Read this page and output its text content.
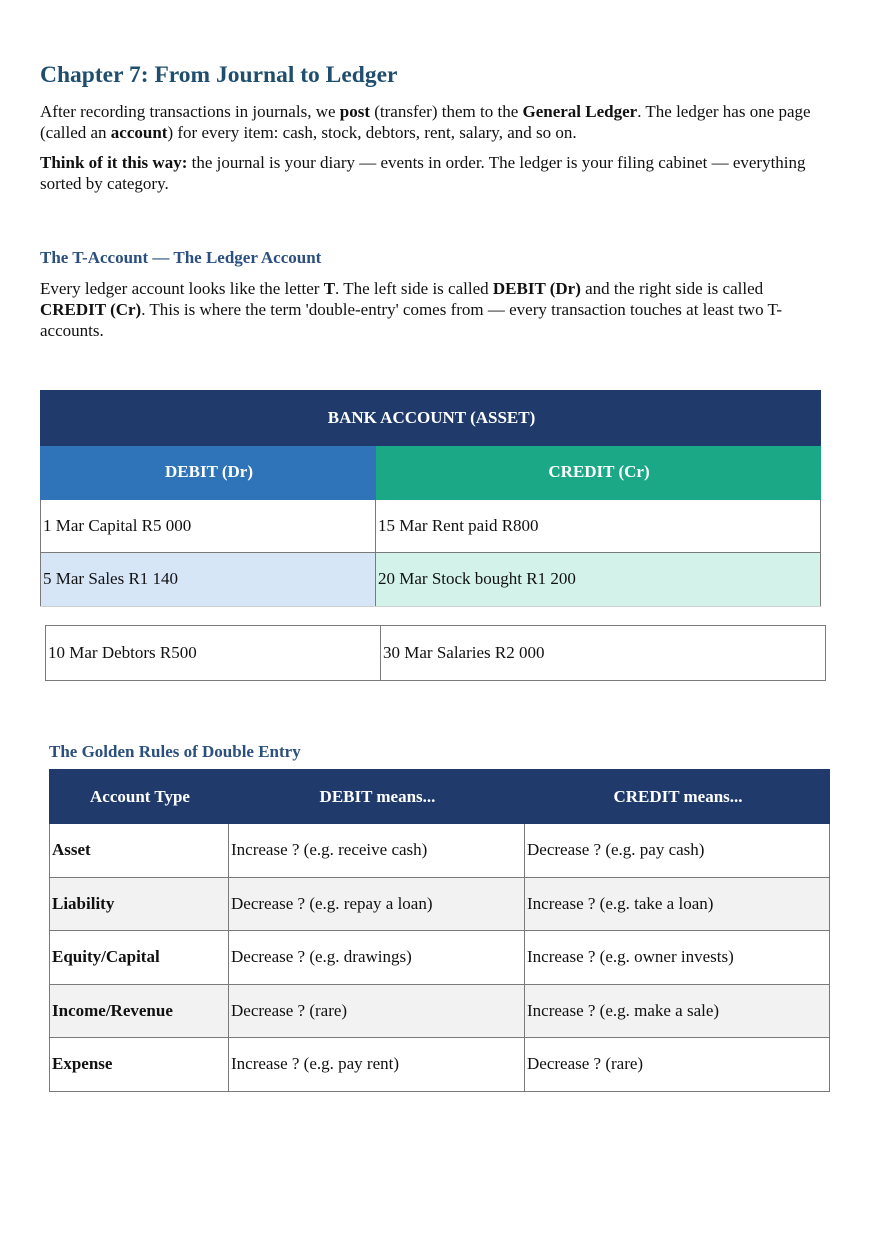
Chapter 7: From Journal to Ledger

After recording transactions in journals, we post (transfer) them to the General Ledger. The ledger has one page (called an account) for every item: cash, stock, debtors, rent, salary, and so on.

Think of it this way: the journal is your diary — events in order. The ledger is your filing cabinet — everything sorted by category.

The T-Account — The Ledger Account

Every ledger account looks like the letter T. The left side is called DEBIT (Dr) and the right side is called CREDIT (Cr). This is where the term 'double-entry' comes from — every transaction touches at least two T-accounts.

BANK ACCOUNT (ASSET)	
DEBIT (Dr)	CREDIT (Cr)
1 Mar Capital R5 000	15 Mar Rent paid R800
5 Mar Sales R1 140	20 Mar Stock bought R1 200
10 Mar Debtors R500	30 Mar Salaries R2 000
The Golden Rules of Double Entry
Account Type	DEBIT means...	CREDIT means...
Asset	Increase ? (e.g. receive cash)	Decrease ? (e.g. pay cash)
Liability	Decrease ? (e.g. repay a loan)	Increase ? (e.g. take a loan)
Equity/Capital	Decrease ? (e.g. drawings)	Increase ? (e.g. owner invests)
Income/Revenue	Decrease ? (rare)	Increase ? (e.g. make a sale)
Expense	Increase ? (e.g. pay rent)	Decrease ? (rare)
